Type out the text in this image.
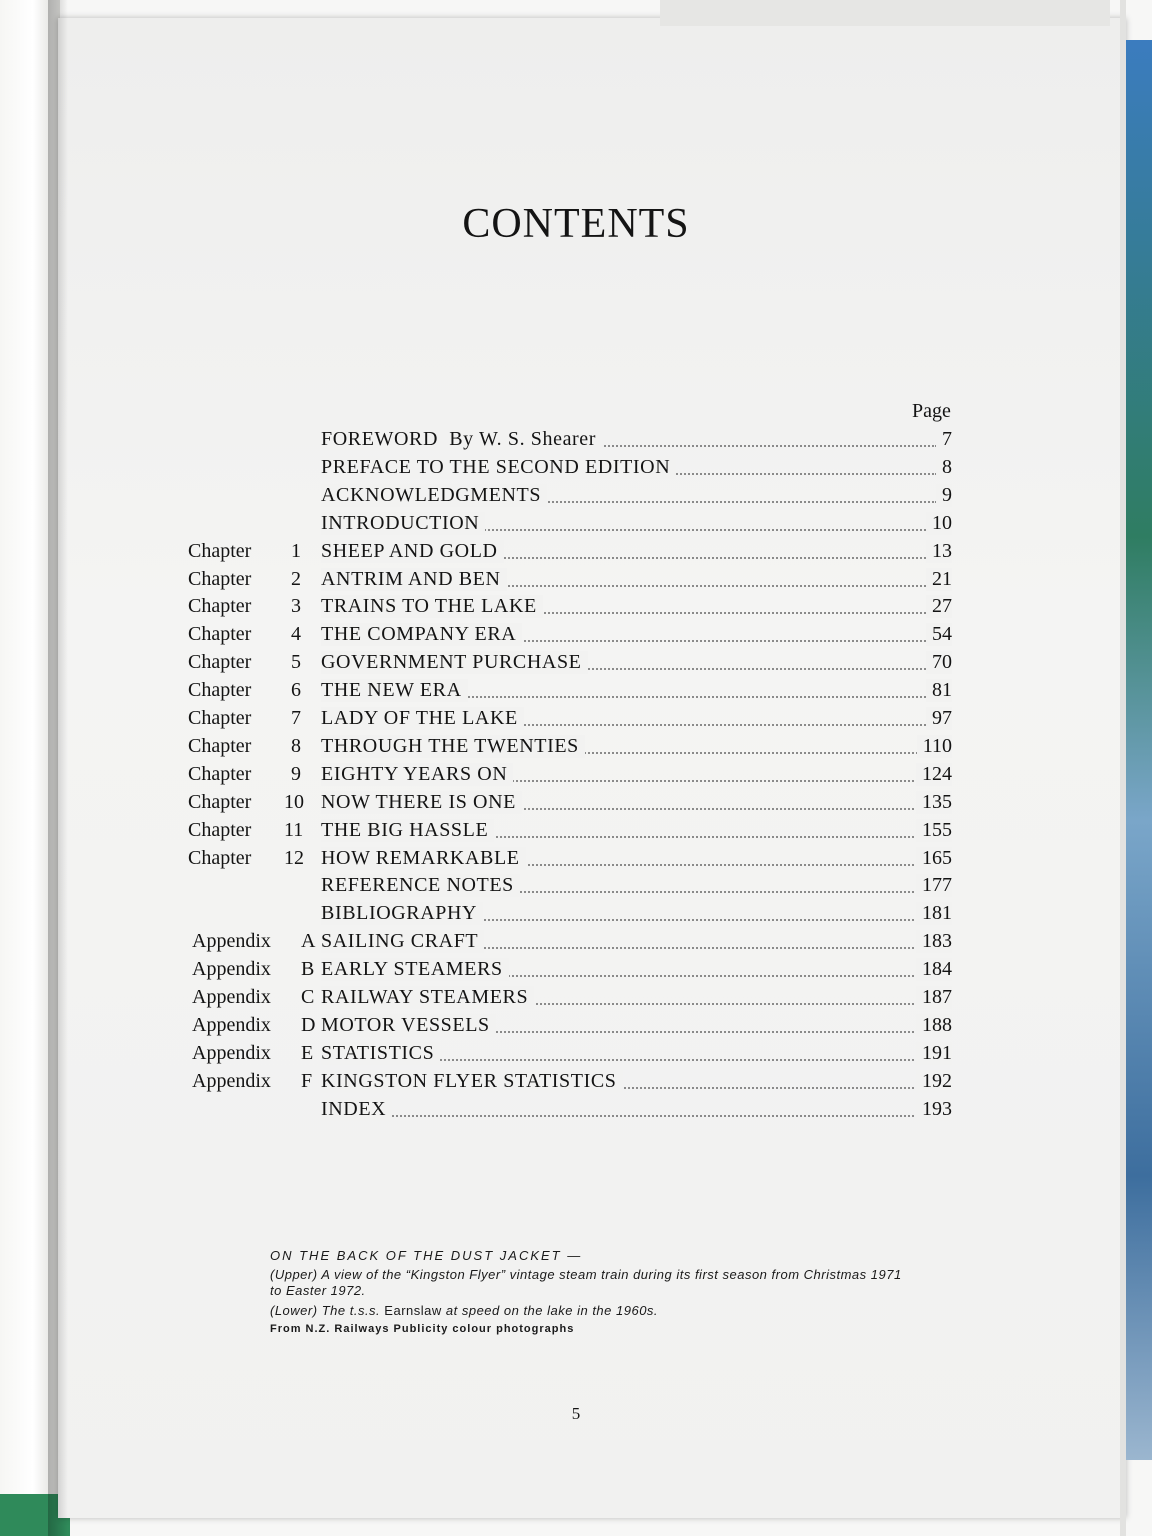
CONTENTS
Page
FOREWORD  By W. S. Shearer	7
PREFACE TO THE SECOND EDITION	8
ACKNOWLEDGMENTS	9
INTRODUCTION	10
Chapter 1 SHEEP AND GOLD	13
Chapter 2 ANTRIM AND BEN	21
Chapter 3 TRAINS TO THE LAKE	27
Chapter 4 THE COMPANY ERA	54
Chapter 5 GOVERNMENT PURCHASE	70
Chapter 6 THE NEW ERA	81
Chapter 7 LADY OF THE LAKE	97
Chapter 8 THROUGH THE TWENTIES	110
Chapter 9 EIGHTY YEARS ON	124
Chapter 10 NOW THERE IS ONE	135
Chapter 11 THE BIG HASSLE	155
Chapter 12 HOW REMARKABLE	165
REFERENCE NOTES	177
BIBLIOGRAPHY	181
Appendix A SAILING CRAFT	183
Appendix B EARLY STEAMERS	184
Appendix C RAILWAY STEAMERS	187
Appendix D MOTOR VESSELS	188
Appendix E STATISTICS	191
Appendix F KINGSTON FLYER STATISTICS	192
INDEX	193
ON THE BACK OF THE DUST JACKET —
(Upper) A view of the “Kingston Flyer” vintage steam train during its first season from Christmas 1971 to Easter 1972.
(Lower) The t.s.s. Earnslaw at speed on the lake in the 1960s.
From N.Z. Railways Publicity colour photographs
5
